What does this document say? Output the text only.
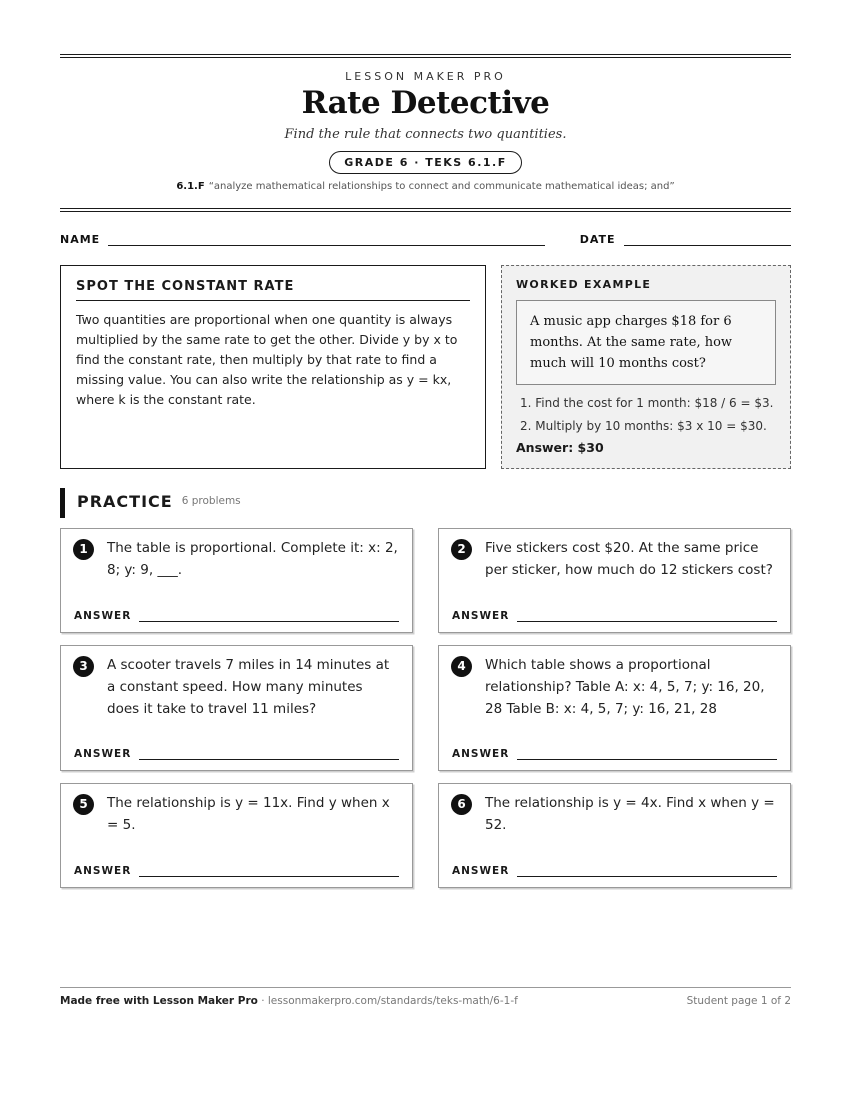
LESSON MAKER PRO
Rate Detective
Find the rule that connects two quantities.
GRADE 6 · TEKS 6.1.F
6.1.F “analyze mathematical relationships to connect and communicate mathematical ideas; and”
NAME	DATE
SPOT THE CONSTANT RATE

Two quantities are proportional when one quantity is always multiplied by the same rate to get the other. Divide y by x to find the constant rate, then multiply by that rate to find a missing value. You can also write the relationship as y = kx, where k is the constant rate.

WORKED EXAMPLE
A music app charges $18 for 6 months. At the same rate, how much will 10 months cost?
1. Find the cost for 1 month: $18 / 6 = $3.
2. Multiply by 10 months: $3 x 10 = $30.
Answer: $30
PRACTICE 6 problems
1	The table is proportional. Complete it: x: 2, 8; y: 9, ___.
ANSWER
2	Five stickers cost $20. At the same price per sticker, how much do 12 stickers cost?
ANSWER
3	A scooter travels 7 miles in 14 minutes at a constant speed. How many minutes does it take to travel 11 miles?
ANSWER
4	Which table shows a proportional relationship? Table A: x: 4, 5, 7; y: 16, 20, 28 Table B: x: 4, 5, 7; y: 16, 21, 28
ANSWER
5	The relationship is y = 11x. Find y when x = 5.
ANSWER
6	The relationship is y = 4x. Find x when y = 52.
ANSWER
Made free with Lesson Maker Pro · lessonmakerpro.com/standards/teks-math/6-1-f	Student page 1 of 2
